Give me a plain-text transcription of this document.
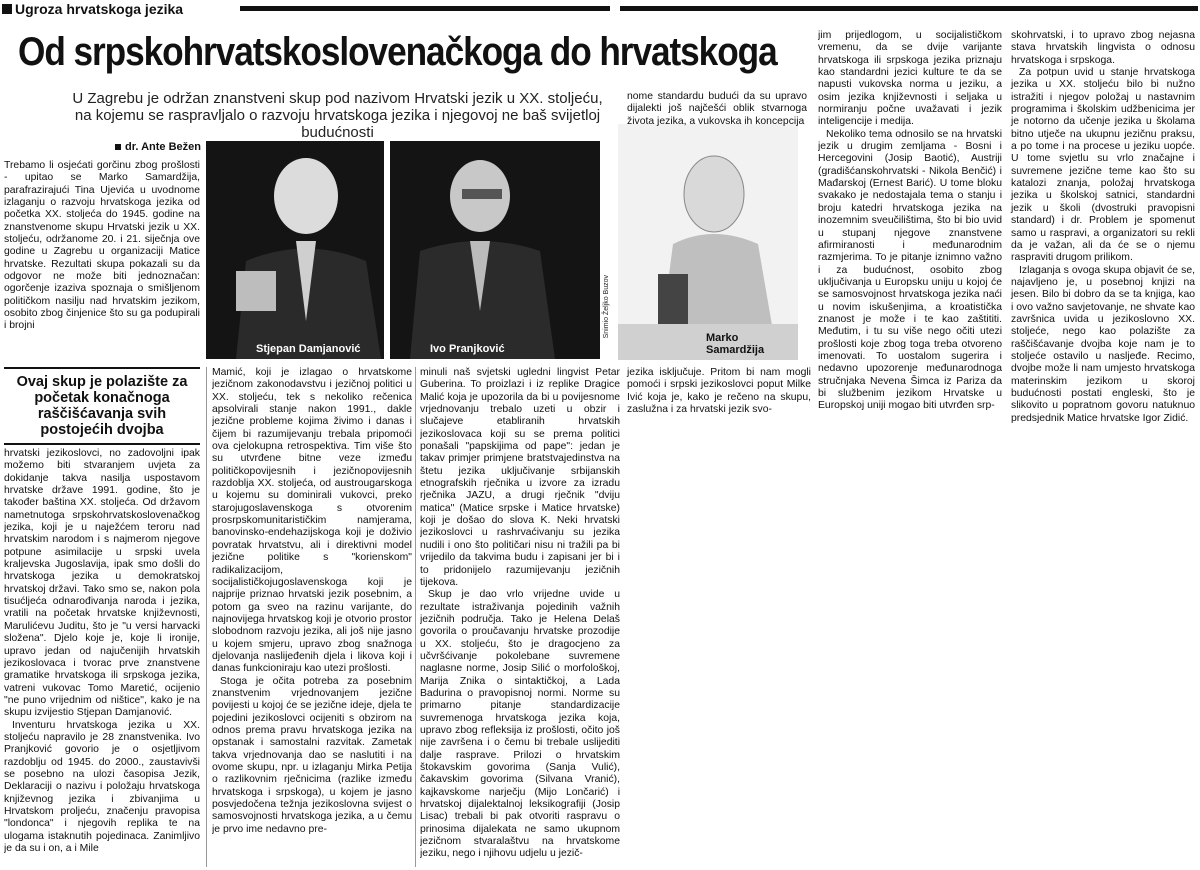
Ugroza hrvatskoga jezika
Od srpskohrvatskoslovenačkoga do hrvatskoga
U Zagrebu je održan znanstveni skup pod nazivom Hrvatski jezik u XX. stoljeću, na kojemu se raspravljalo o razvoju hrvatskoga jezika i njegovoj ne baš svijetloj budućnosti
dr. Ante Bežen

Trebamo li osjećati gorčinu zbog prošlosti - upitao se Marko Samardžija, parafrazirajući Tina Ujevića u uvodnome izlaganju o razvoju hrvatskoga jezika od početka XX. stoljeća do 1945. godine na znanstvenome skupu Hrvatski jezik u XX. stoljeću, održanome 20. i 21. siječnja ove godine u Zagrebu u organizaciji Matice hrvatske. Rezultati skupa pokazali su da odgovor ne može biti jednoznačan: ogorčenje izaziva spoznaja o smišljenom političkom nasilju nad hrvatskim jezikom, osobito zbog činjenice što su ga podupirali i brojni

Stjepan Damjanović	Ivo Pranjković
Snimio Željko Buzov	Marko Samardžija

nome standardu budući da su upravo dijalekti još najčešći oblik stvarnoga života jezika, a vukovska ih koncepcija

jezika isključuje. Pritom bi nam mogli pomoći i srpski jezikoslovci poput Milke Ivić koja je, kako je rečeno na skupu, zaslužna i za hrvatski jezik svo-

jim prijedlogom, u socijalističkom vremenu, da se dvije varijante hrvatskoga ili srpskoga jezika priznaju kao standardni jezici kulture te da se napusti vukovska norma u jeziku, a osim jezika književnosti i seljaka u normiranju počne uvažavati i jezik inteligencije i medija.

Nekoliko tema odnosilo se na hrvatski jezik u drugim zemljama - Bosni i Hercegovini (Josip Baotić), Austriji (gradišćanskohrvatski - Nikola Benčić) i Mađarskoj (Ernest Barić). U tome bloku svakako je nedostajala tema o stanju i broju katedri hrvatskoga jezika na inozemnim sveučilištima, što bi bio uvid u stupanj njegove znanstvene afirmiranosti i međunarodnim razmjerima. To je pitanje iznimno važno i za budućnost, osobito zbog uključivanja u Europsku uniju u kojoj će se samosvojnost hrvatskoga jezika naći u novim iskušenjima, a kroatistička znanost je može i te kao zaštititi. Međutim, i tu su više nego očiti utezi prošlosti koje zbog toga treba otvoreno imenovati. To uostalom sugerira i nedavno upozorenje međunarodnoga stručnjaka Nevena Šimca iz Pariza da bi službenim jezikom Hrvatske u Europskoj uniji mogao biti utvrđen srp-

skohrvatski, i to upravo zbog nejasna stava hrvatskih lingvista o odnosu hrvatskoga i srpskoga.

Za potpun uvid u stanje hrvatskoga jezika u XX. stoljeću bilo bi nužno istražiti i njegov položaj u nastavnim programima i školskim udžbenicima jer je notorno da učenje jezika u školama bitno utječe na ukupnu jezičnu praksu, a po tome i na procese u jeziku uopće. U tome svjetlu su vrlo značajne i suvremene jezične teme kao što su katalozi znanja, položaj hrvatskoga jezika u školskoj satnici, standardni jezik u školi (dvostruki pravopisni standard) i dr. Problem je spomenut samo u raspravi, a organizatori su rekli da je važan, ali da će se o njemu raspraviti drugom prilikom.

Izlaganja s ovoga skupa objavit će se, najavljeno je, u posebnoj knjizi na jesen. Bilo bi dobro da se ta knjiga, kao i ovo važno savjetovanje, ne shvate kao završnica uvida u jezikoslovno XX. stoljeće, nego kao polazište za raščišćavanje dvojba koje nam je to stoljeće ostavilo u nasljeđe. Recimo, dvojbe može li nam umjesto hrvatskoga materinskim jezikom u skoroj budućnosti postati engleski, što je slikovito u popratnom govoru natuknuo predsjednik Matice hrvatske Igor Zidić.

Ovaj skup je polazište za početak konačnoga raščišćavanja svih postojećih dvojba

hrvatski jezikoslovci, no zadovoljni ipak možemo biti stvaranjem uvjeta za dokidanje takva nasilja uspostavom hrvatske države 1991. godine, što je također baština XX. stoljeća. Od državom nametnutoga srpskohrvatskoslovenačkog jezika, koji je u naježćem teroru nad hrvatskim narodom i s najmerom njegove potpune asimilacije u srpski uvela kraljevska Jugoslavija, ipak smo došli do hrvatskoga jezika u demokratskoj hrvatskoj državi. Tako smo se, nakon pola tisućljeća odnarođivanja naroda i jezika, vratili na početak hrvatske književnosti, Marulićevu Juditu, što je "u versi harvacki složena". Djelo koje je, koje li ironije, upravo jedan od najučenijih hrvatskih jezikoslovaca i tvorac prve znanstvene gramatike hrvatskoga ili srpskoga jezika, vatreni vukovac Tomo Maretić, ocijenio "ne puno vrijednim od ništice", kako je na skupu izvijestio Stjepan Damjanović.

Inventuru hrvatskoga jezika u XX. stoljeću napravilo je 28 znanstvenika. Ivo Pranjković govorio je o osjetljivom razdoblju od 1945. do 2000., zaustavivši se posebno na ulozi časopisa Jezik, Deklaraciji o nazivu i položaju hrvatskoga književnog jezika i zbivanjima u Hrvatskom proljeću, značenju pravopisa "londonca" i njegovih replika te na ulogama istaknutih pojedinaca. Zanimljivo je da su i on, a i Mile

Mamić, koji je izlagao o hrvatskome jezičnom zakonodavstvu i jezičnoj politici u XX. stoljeću, tek s nekoliko rečenica apsolvirali stanje nakon 1991., dakle jezične probleme kojima živimo i danas i čijem bi razumijevanju trebala pripomoći ova cjelokupna retrospektiva. Tim više što su utvrđene bitne veze između političkopovijesnih i jezičnopovijesnih razdoblja XX. stoljeća, od austrougarskoga u kojemu su dominirali vukovci, preko starojugoslavenskoga s otvorenim prosrpskomunitarističkim namjerama, banovinsko-endehazijskoga koji je doživio povratak hrvatstvu, ali i direktivni model jezične politike s "korienskom" radikalizacijom, socijalističkojugoslavenskoga koji je najprije priznao hrvatski jezik posebnim, a potom ga sveo na razinu varijante, do najnovijega hrvatskog koji je otvorio prostor slobodnom razvoju jezika, ali još nije jasno u kojem smjeru, upravo zbog snažnoga djelovanja naslijeđenih djela i likova koji i danas funkcioniraju kao utezi prošlosti.

Stoga je očita potreba za posebnim znanstvenim vrjednovanjem jezične povijesti u kojoj će se jezične ideje, djela te pojedini jezikoslovci ocijeniti s obzirom na odnos prema pravu hrvatskoga jezika na opstanak i samostalni razvitak. Zametak takva vrjednovanja dao se naslutiti i na ovome skupu, npr. u izlaganju Mirka Petija o razlikovnim rječnicima (razlike između hrvatskoga i srpskoga), u kojem je jasno posvjedočena težnja jezikoslovna svijest o samosvojnosti hrvatskoga jezika, a u čemu je prvo ime nedavno pre-

minuli naš svjetski ugledni lingvist Petar Guberina. To proizlazi i iz replike Dragice Malić koja je upozorila da bi u povijesnome vrjednovanju trebalo uzeti u obzir i slučajeve etabliranih hrvatskih jezikoslovaca koji su se prema politici ponašali "papskijima od pape": jedan je takav primjer primjene bratstvajedinstva na štetu jezika uključivanje srbijanskih etnografskih rječnika u izvore za izradu rječnika JAZU, a drugi rječnik "dviju matica" (Matice srpske i Matice hrvatske) koji je došao do slova K. Neki hrvatski jezikoslovci u rashrvaćivanju su jezika nudili i ono što političari nisu ni tražili pa bi vrijedilo da takvima budu i zapisani jer bi i to pridonijelo razumijevanju jezičnih tijekova.

Skup je dao vrlo vrijedne uvide u rezultate istraživanja pojedinih važnih jezičnih područja. Tako je Helena Delaš govorila o proučavanju hrvatske prozodije u XX. stoljeću, što je dragocjeno za učvršćivanje pokolebane suvremene naglasne norme, Josip Silić o morfološkoj, Marija Znika o sintaktičkoj, a Lada Badurina o pravopisnoj normi. Norme su primarno pitanje standardizacije suvremenoga hrvatskoga jezika koja, upravo zbog refleksija iz prošlosti, očito još nije završena i o čemu bi trebale uslijediti dalje rasprave. Prilozi o hrvatskim štokavskim govorima (Sanja Vulić), čakavskim govorima (Silvana Vranić), kajkavskome narječju (Mijo Lončarić) i hrvatskoj dijalektalnoj leksikografiji (Josip Lisac) trebali bi pak otvoriti raspravu o prinosima dijalekata ne samo ukupnom jezičnom stvaralaštvu na hrvatskome jeziku, nego i njihovu udjelu u jezič-
